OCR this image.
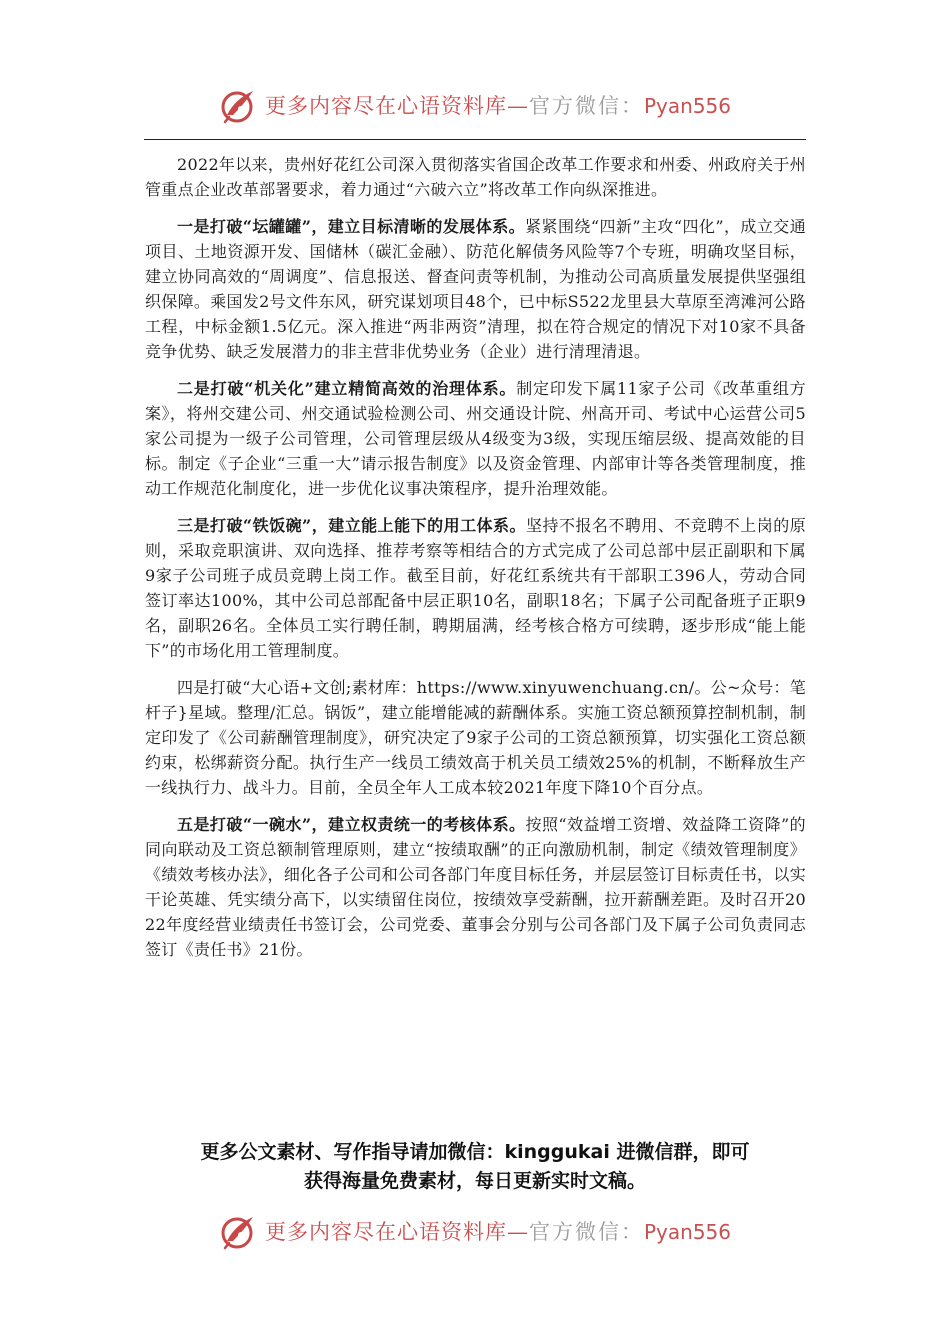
更多内容尽在心语资料库—官方微信：Pyan556

2022年以来，贵州好花红公司深入贯彻落实省国企改革工作要求和州委、州政府关于州管重点企业改革部署要求，着力通过“六破六立”将改革工作向纵深推进。

一是打破“坛罐罐”，建立目标清晰的发展体系。紧紧围绕“四新”主攻“四化”，成立交通项目、土地资源开发、国储林（碳汇金融）、防范化解债务风险等7个专班，明确攻坚目标，建立协同高效的“周调度”、信息报送、督查问责等机制，为推动公司高质量发展提供坚强组织保障。乘国发2号文件东风，研究谋划项目48个，已中标S522龙里县大草原至湾滩河公路工程，中标金额1.5亿元。深入推进“两非两资”清理，拟在符合规定的情况下对10家不具备竞争优势、缺乏发展潜力的非主营非优势业务（企业）进行清理清退。

二是打破“机关化”建立精简高效的治理体系。制定印发下属11家子公司《改革重组方案》，将州交建公司、州交通试验检测公司、州交通设计院、州高开司、考试中心运营公司5家公司提为一级子公司管理，公司管理层级从4级变为3级，实现压缩层级、提高效能的目标。制定《子企业“三重一大”请示报告制度》以及资金管理、内部审计等各类管理制度，推动工作规范化制度化，进一步优化议事决策程序，提升治理效能。

三是打破“铁饭碗”，建立能上能下的用工体系。坚持不报名不聘用、不竞聘不上岗的原则，采取竞职演讲、双向选择、推荐考察等相结合的方式完成了公司总部中层正副职和下属9家子公司班子成员竞聘上岗工作。截至目前，好花红系统共有干部职工396人，劳动合同签订率达100%，其中公司总部配备中层正职10名，副职18名；下属子公司配备班子正职9名，副职26名。全体员工实行聘任制，聘期届满，经考核合格方可续聘，逐步形成“能上能下”的市场化用工管理制度。

四是打破“大心语+文创;素材库：https://www.xinyuwenchuang.cn/。公~众号：笔杆子}星域。整理/汇总。锅饭”，建立能增能减的薪酬体系。实施工资总额预算控制机制，制定印发了《公司薪酬管理制度》，研究决定了9家子公司的工资总额预算，切实强化工资总额约束，松绑薪资分配。执行生产一线员工绩效高于机关员工绩效25%的机制，不断释放生产一线执行力、战斗力。目前，全员全年人工成本较2021年度下降10个百分点。

五是打破“一碗水”，建立权责统一的考核体系。按照“效益增工资增、效益降工资降”的同向联动及工资总额制管理原则，建立“按绩取酬”的正向激励机制，制定《绩效管理制度》《绩效考核办法》，细化各子公司和公司各部门年度目标任务，并层层签订目标责任书，以实干论英雄、凭实绩分高下，以实绩留住岗位，按绩效享受薪酬，拉开薪酬差距。及时召开2022年度经营业绩责任书签订会，公司党委、董事会分别与公司各部门及下属子公司负责同志签订《责任书》21份。

更多公文素材、写作指导请加微信：kinggukai 进微信群，即可
获得海量免费素材，每日更新实时文稿。
更多内容尽在心语资料库—官方微信：Pyan556
